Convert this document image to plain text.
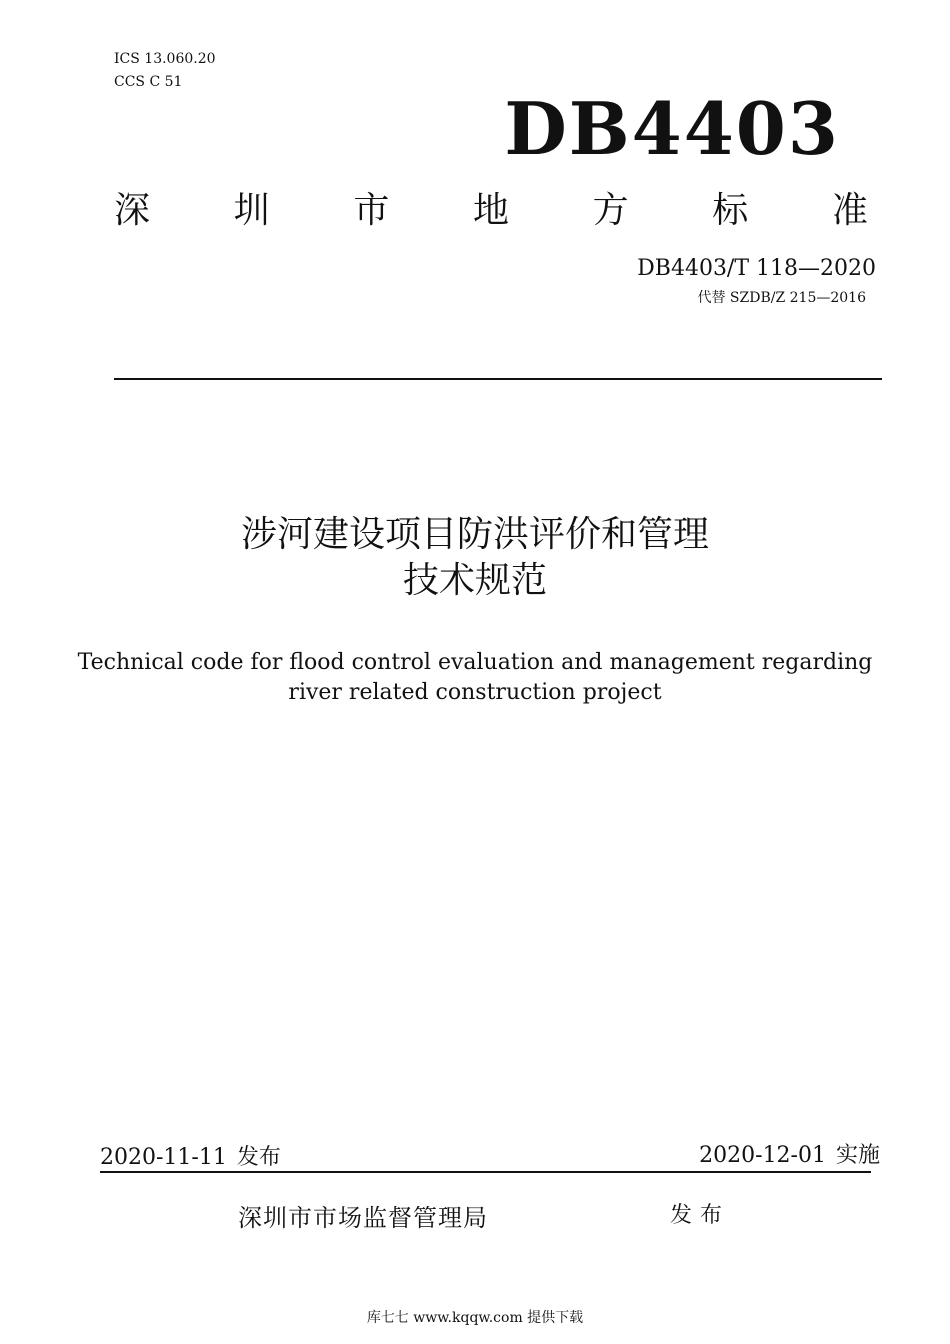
ICS 13.060.20
CCS C 51
DB4403
深 圳 市 地 方 标 准
DB4403/T 118—2020
代替 SZDB/Z 215—2016
涉河建设项目防洪评价和管理
技术规范
Technical code for flood control evaluation and management regarding
river related construction project
2020-11-11 发布	2020-12-01 实施
深圳市市场监督管理局	发布
库七七 www.kqqw.com 提供下载
